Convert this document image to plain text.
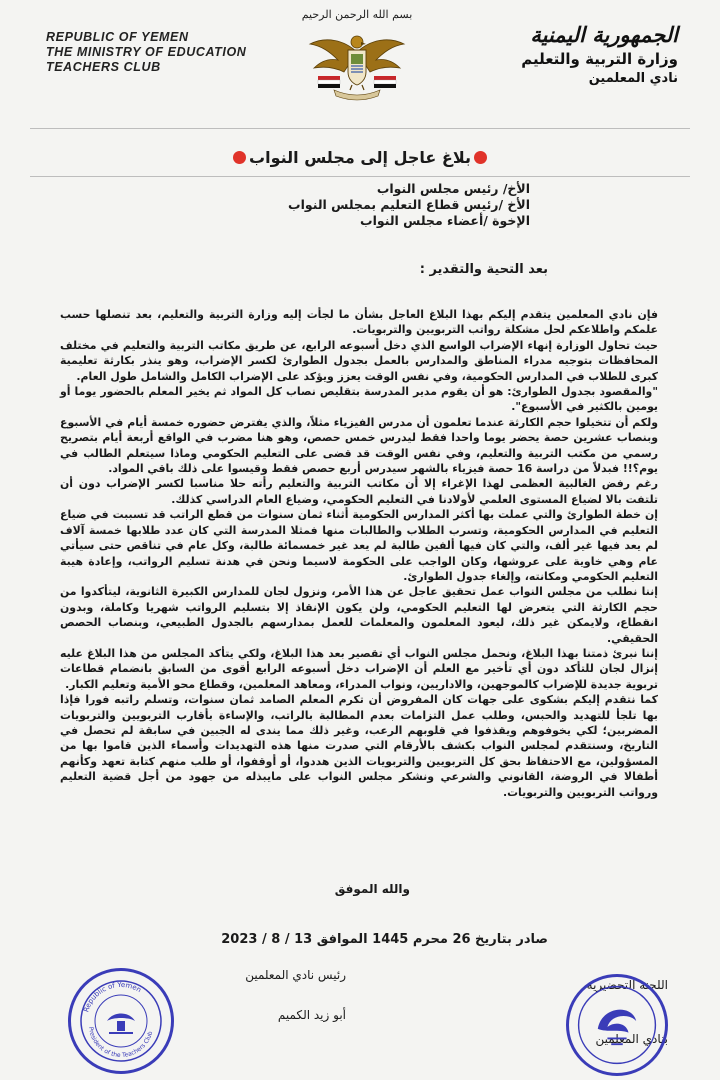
REPUBLIC OF YEMEN
THE MINISTRY OF EDUCATION
TEACHERS CLUB
بسم الله الرحمن الرحيم
الجمهورية اليمنية
وزارة التربية والتعليم
نادي المعلمين
بلاغ عاجل إلى مجلس النواب
الأخ/ رئيس مجلس النواب
الأخ /رئيس قطاع التعليم بمجلس النواب
الإخوة /أعضاء مجلس النواب
بعد التحية والتقدير :

فإن نادي المعلمين يتقدم إليكم بهذا البلاغ العاجل بشأن ما لجأت إليه وزارة التربية والتعليم، بعد تنصلها حسب علمكم واطلاعكم لحل مشكلة رواتب التربويين والتربويات.

حيث تحاول الوزارة إنهاء الإضراب الواسع الذي دخل أسبوعه الرابع، عن طريق مكاتب التربية والتعليم في مختلف المحافظات بتوجيه مدراء المناطق والمدارس بالعمل بجدول الطوارئ لكسر الإضراب، وهو ينذر بكارثة تعليمية كبرى للطلاب في المدارس الحكومية، وفي نفس الوقت يعزز ويؤكد على الإضراب الكامل والشامل طول العام.

"والمقصود بجدول الطوارئ: هو أن يقوم مدير المدرسة بتقليص نصاب كل المواد ثم يخير المعلم بالحضور يوما أو يومين بالكثير في الأسبوع".

ولكم أن تتخيلوا حجم الكارثة عندما تعلمون أن مدرس الفيزياء مثلاً، والذي يفترض حضوره خمسة أيام في الأسبوع وبنصاب عشرين حصة يحضر يوما واحدا فقط ليدرس خمس حصص، وهو هنا مضرب في الواقع أربعة أيام بتصريح رسمي من مكتب التربية والتعليم، وفي نفس الوقت قد قضى على التعليم الحكومي وماذا سيتعلم الطالب في يوم؟!! فبدلاً من دراسة 16 حصة فيزياء بالشهر سيدرس أربع حصص فقط وقيسوا على ذلك باقي المواد.

رغم رفض الغالبية العظمى لهذا الإغراء إلا أن مكاتب التربية والتعليم رأته حلا مناسبا لكسر الإضراب دون أن تلتفت بالا لضياع المستوى العلمي لأولادنا في التعليم الحكومي، وضياع العام الدراسي كذلك.

إن خطة الطوارئ والتي عملت بها أكثر المدارس الحكومية أثناء ثمان سنوات من قطع الراتب قد تسببت في ضياع التعليم في المدارس الحكومية، وتسرب الطلاب والطالبات منها فمثلا المدرسة التي كان عدد طلابها خمسة آلاف لم يعد فيها غير ألف، والتي كان فيها ألفين طالبة لم يعد غير خمسمائة طالبة، وكل عام في تناقص حتى سيأتي عام وهي خاوية على عروشها، وكان الواجب على الحكومة لاسيما ونحن في هدنة تسليم الرواتب، وإعادة هيبة التعليم الحكومي ومكانته، وإلغاء جدول الطوارئ.

إننا نطلب من مجلس النواب عمل تحقيق عاجل عن هذا الأمر، ونزول لجان للمدارس الكبيرة الثانوية، ليتأكدوا من حجم الكارثة التي يتعرض لها التعليم الحكومي، ولن يكون الإنقاذ إلا بتسليم الرواتب شهريا وكاملة، وبدون انقطاع، ولايمكن غير ذلك، ليعود المعلمون والمعلمات للعمل بمدارسهم بالجدول الطبيعي، وبنصاب الحصص الحقيقي.

إننا نبرئ ذمتنا بهذا البلاغ، ونحمل مجلس النواب أي تقصير بعد هذا البلاغ، ولكي يتأكد المجلس من هذا البلاغ عليه إنزال لجان للتأكد دون أي تأخير مع العلم أن الإضراب دخل أسبوعه الرابع أقوى من السابق بانضمام قطاعات تربوية جديدة للإضراب كالموجهين، والاداريين، ونواب المدراء، ومعاهد المعلمين، وقطاع محو الأمية وتعليم الكبار.

كما نتقدم إليكم بشكوى على جهات كان المفروض أن تكرم المعلم الصامد ثمان سنوات، وتسلم راتبه فورا فإذا بها تلجأ للتهديد والحبس، وطلب عمل التزامات بعدم المطالبة بالراتب، والإساءة بأقارب التربويين والتربويات المضربين؛ لكي يخوفوهم ويقذفوا في قلوبهم الرعب، وغير ذلك مما يندى له الجبين في سابقة لم تحصل في التاريخ، وسنتقدم لمجلس النواب بكشف بالأرقام التي صدرت منها هذه التهديدات وأسماء الذين قاموا بها من المسؤولين، مع الاحتفاظ بحق كل التربويين والتربويات الذين هددوا، أو أوقفوا، أو طلب منهم كتابة تعهد وكأنهم أطفالا في الروضة، القانوني والشرعي ونشكر مجلس النواب على مايبذله من جهود من أجل قضية التعليم ورواتب التربويين والتربويات.

والله الموفق
صادر بتاريخ 26 محرم 1445 الموافق 13 / 8 / 2023
اللجنة التحضيرية
بنادي المعلمين
رئيس نادي المعلمين
أبو زيد الكميم
Republic of Yemen
President of the Teachers Club
